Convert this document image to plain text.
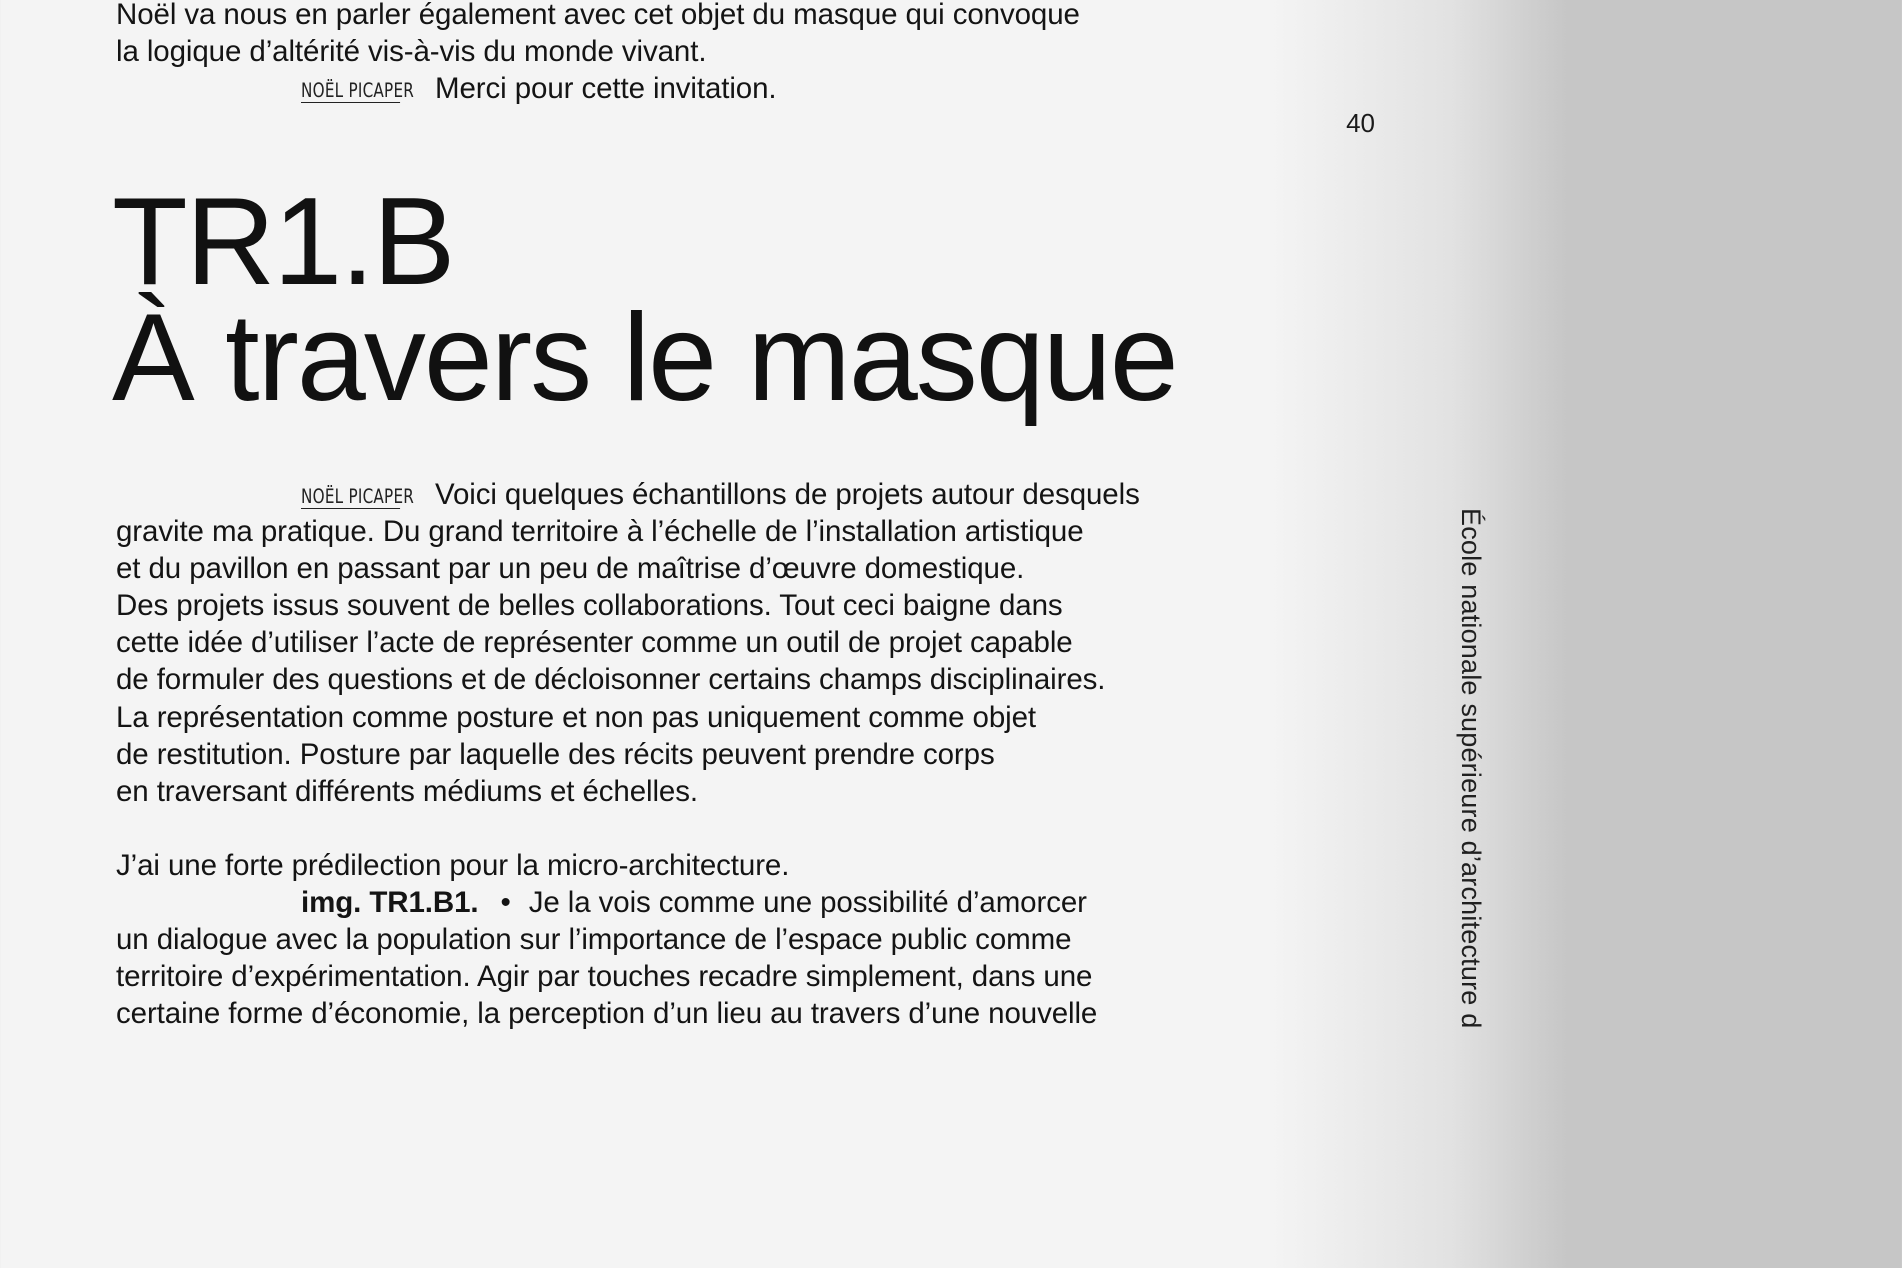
Noël va nous en parler également avec cet objet du masque qui convoque
la logique d’altérité vis-à-vis du monde vivant.
NOËL PICAPER Merci pour cette invitation.
40
TR1.B
À travers le masque
NOËL PICAPER Voici quelques échantillons de projets autour desquels
gravite ma pratique. Du grand territoire à l’échelle de l’installation artistique
et du pavillon en passant par un peu de maîtrise d’œuvre domestique.
Des projets issus souvent de belles collaborations. Tout ceci baigne dans
cette idée d’utiliser l’acte de représenter comme un outil de projet capable
de formuler des questions et de décloisonner certains champs disciplinaires.
La représentation comme posture et non pas uniquement comme objet
de restitution. Posture par laquelle des récits peuvent prendre corps
en traversant différents médiums et échelles.
J’ai une forte prédilection pour la micro-architecture.
img. TR1.B1. • Je la vois comme une possibilité d’amorcer
un dialogue avec la population sur l’importance de l’espace public comme
territoire d’expérimentation. Agir par touches recadre simplement, dans une
certaine forme d’économie, la perception d’un lieu au travers d’une nouvelle	École nationale supérieure d’architecture d
